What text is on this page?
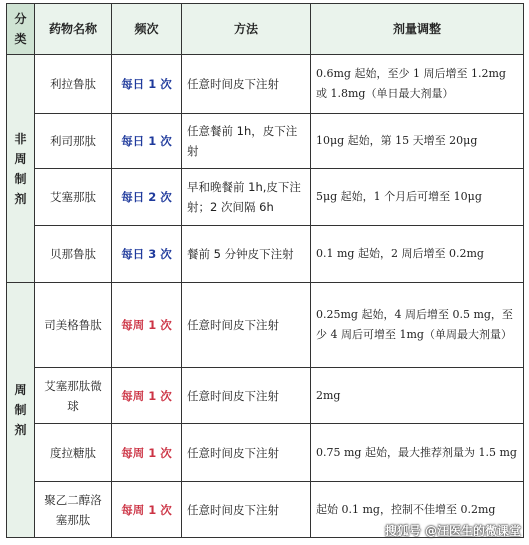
分类	药物名称	频次	方法	剂量调整

非
周
制
剂	利拉鲁肽	每日 1 次	任意时间皮下注射	0.6mg 起始，至少 1 周后增至 1.2mg 或 1.8mg（单日最大剂量）
	利司那肽	每日 1 次	任意餐前 1h，皮下注射	10μg 起始，第 15 天增至 20μg
	艾塞那肽	每日 2 次	早和晚餐前 1h,皮下注射；2 次间隔 6h	5μg 起始，1 个月后可增至 10μg
	贝那鲁肽	每日 3 次	餐前 5 分钟皮下注射	0.1 mg 起始，2 周后增至 0.2mg

周
制
剂	司美格鲁肽	每周 1 次	任意时间皮下注射	0.25mg 起始，4 周后增至 0.5 mg，至少 4 周后可增至 1mg（单周最大剂量）
	艾塞那肽微球	每周 1 次	任意时间皮下注射	2mg
	度拉糖肽	每周 1 次	任意时间皮下注射	0.75 mg 起始，最大推荐剂量为 1.5 mg
	聚乙二醇洛塞那肽	每周 1 次	任意时间皮下注射	起始 0.1 mg，控制不佳增至 0.2mg
搜狐号 @汪医生的微课堂
